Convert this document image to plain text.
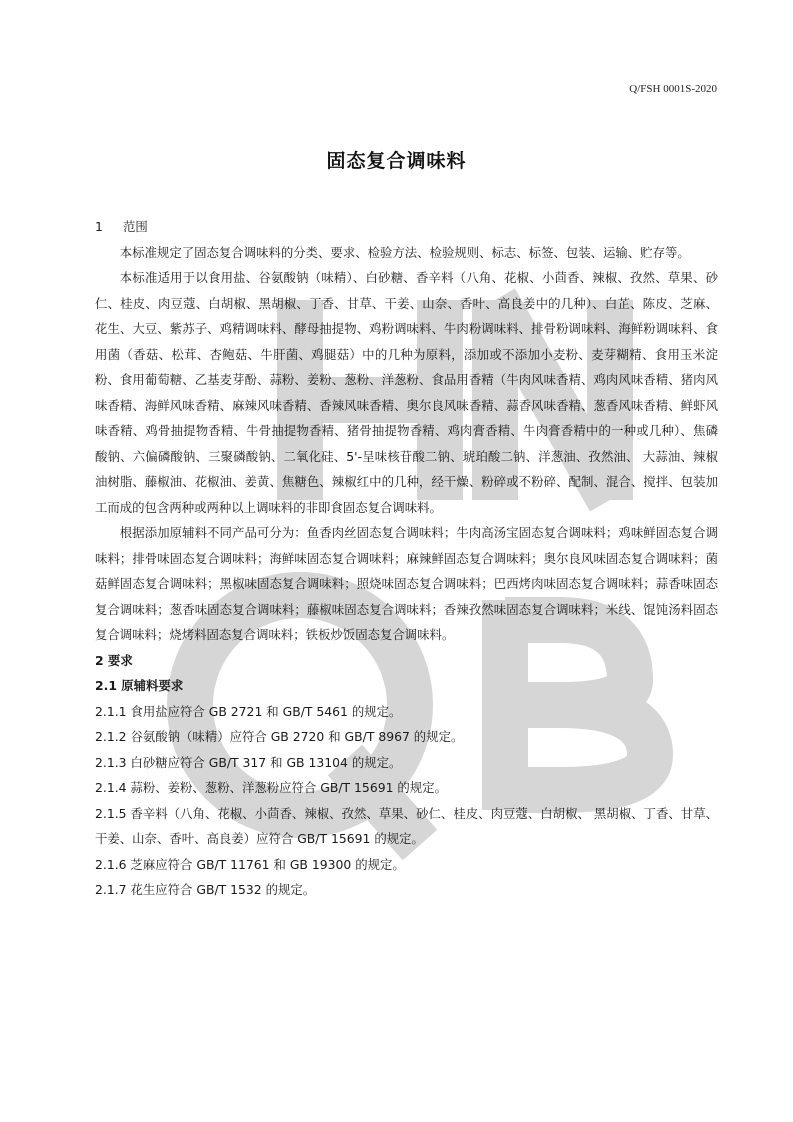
Q/FSH 0001S-2020
固态复合调味料

1 范围

本标准规定了固态复合调味料的分类、要求、检验方法、检验规则、标志、标签、包装、运输、贮存等。

本标准适用于以食用盐、谷氨酸钠（味精）、白砂糖、香辛料（八角、花椒、小茴香、辣椒、孜然、草果、砂仁、桂皮、肉豆蔻、白胡椒、黑胡椒、丁香、甘草、干姜、山奈、香叶、高良姜中的几种）、白芷、陈皮、芝麻、花生、大豆、紫苏子、鸡精调味料、酵母抽提物、鸡粉调味料、牛肉粉调味料、排骨粉调味料、海鲜粉调味料、食用菌（香菇、松茸、杏鲍菇、牛肝菌、鸡腿菇）中的几种为原料，添加或不添加小麦粉、麦芽糊精、食用玉米淀粉、食用葡萄糖、乙基麦芽酚、蒜粉、姜粉、葱粉、洋葱粉、食品用香精（牛肉风味香精、鸡肉风味香精、猪肉风味香精、海鲜风味香精、麻辣风味香精、香辣风味香精、奥尔良风味香精、蒜香风味香精、葱香风味香精、鲜虾风味香精、鸡骨抽提物香精、牛骨抽提物香精、猪骨抽提物香精、鸡肉膏香精、牛肉膏香精中的一种或几种）、焦磷酸钠、六偏磷酸钠、三聚磷酸钠、二氧化硅、5'-呈味核苷酸二钠、琥珀酸二钠、洋葱油、孜然油、 大蒜油、辣椒油树脂、藤椒油、花椒油、姜黄、焦糖色、辣椒红中的几种，经干燥、粉碎或不粉碎、配制、混合、搅拌、包装加工而成的包含两种或两种以上调味料的非即食固态复合调味料。

根据添加原辅料不同产品可分为：鱼香肉丝固态复合调味料；牛肉高汤宝固态复合调味料；鸡味鲜固态复合调味料；排骨味固态复合调味料；海鲜味固态复合调味料；麻辣鲜固态复合调味料；奥尔良风味固态复合调味料；菌菇鲜固态复合调味料；黑椒味固态复合调味料；照烧味固态复合调味料；巴西烤肉味固态复合调味料；蒜香味固态复合调味料；葱香味固态复合调味料；藤椒味固态复合调味料；香辣孜然味固态复合调味料；米线、馄饨汤料固态复合调味料；烧烤料固态复合调味料；铁板炒饭固态复合调味料。

2 要求

2.1 原辅料要求

2.1.1 食用盐应符合 GB 2721 和 GB/T 5461 的规定。

2.1.2 谷氨酸钠（味精）应符合 GB 2720 和 GB/T 8967 的规定。

2.1.3 白砂糖应符合 GB/T 317 和 GB 13104 的规定。

2.1.4 蒜粉、姜粉、葱粉、洋葱粉应符合 GB/T 15691 的规定。

2.1.5 香辛料（八角、花椒、小茴香、辣椒、孜然、草果、砂仁、桂皮、肉豆蔻、白胡椒、 黑胡椒、丁香、甘草、干姜、山奈、香叶、高良姜）应符合 GB/T 15691 的规定。

2.1.6 芝麻应符合 GB/T 11761 和 GB 19300 的规定。

2.1.7 花生应符合 GB/T 1532 的规定。
